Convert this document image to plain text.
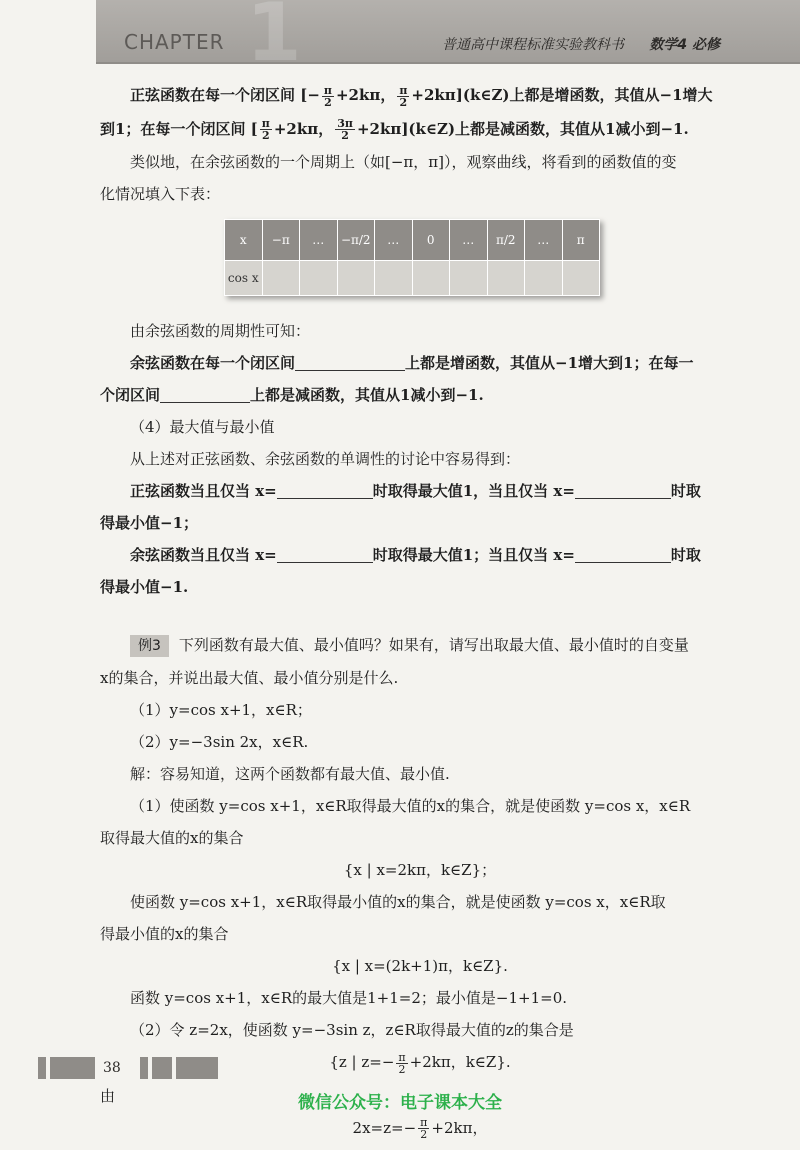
1
CHAPTER	普通高中课程标准实验教科书 数学4 必修

正弦函数在每一个闭区间 [− $\frac{\pi}{2} +2k\pi$， $\frac{\pi}{2}$ +2kπ](k∈Z)上都是增函数，其值从−1增大

到1；在每一个闭区间 [ $\frac{\pi}{2} +2k\pi$， $\frac{3\pi}{2}$ +2kπ](k∈Z)上都是减函数，其值从1减小到−1.

类似地，在余弦函数的一个周期上（如[−π，π]），观察曲线，将看到的函数值的变

化情况填入下表：

x	−π	…	−π/2	…	0	…	π/2	…	π
cos x									

由余弦函数的周期性可知：

余弦函数在每一个闭区间	上都是增函数，其值从−1增大到1；在每一

个闭区间	上都是减函数，其值从1减小到−1.

（4）最大值与最小值

从上述对正弦函数、余弦函数的单调性的讨论中容易得到：

正弦函数当且仅当 x=	时取得最大值1，当且仅当 x=	时取

得最小值−1；

余弦函数当且仅当 x=	时取得最大值1；当且仅当 x=	时取

得最小值−1.

例3 下列函数有最大值、最小值吗？如果有，请写出取最大值、最小值时的自变量

x的集合，并说出最大值、最小值分别是什么.

（1）y=cos x+1，x∈R；

（2）y=−3sin 2x，x∈R.

解：容易知道，这两个函数都有最大值、最小值.

（1）使函数 y=cos x+1，x∈R取得最大值的x的集合，就是使函数 y=cos x，x∈R

取得最大值的x的集合

{x | x=2kπ，k∈Z}；

使函数 y=cos x+1，x∈R取得最小值的x的集合，就是使函数 y=cos x，x∈R取

得最小值的x的集合

{x | x=(2k+1)π，k∈Z}.

函数 y=cos x+1，x∈R的最大值是1+1=2；最小值是−1+1=0.

（2）令 z=2x，使函数 y=−3sin z，z∈R取得最大值的z的集合是

{z | $z=- \frac{\pi}{2} +2k\pi$，k∈Z}.

由

$2x=z=- \frac{\pi}{2} +2k\pi$，

38
微信公众号：电子课本大全
